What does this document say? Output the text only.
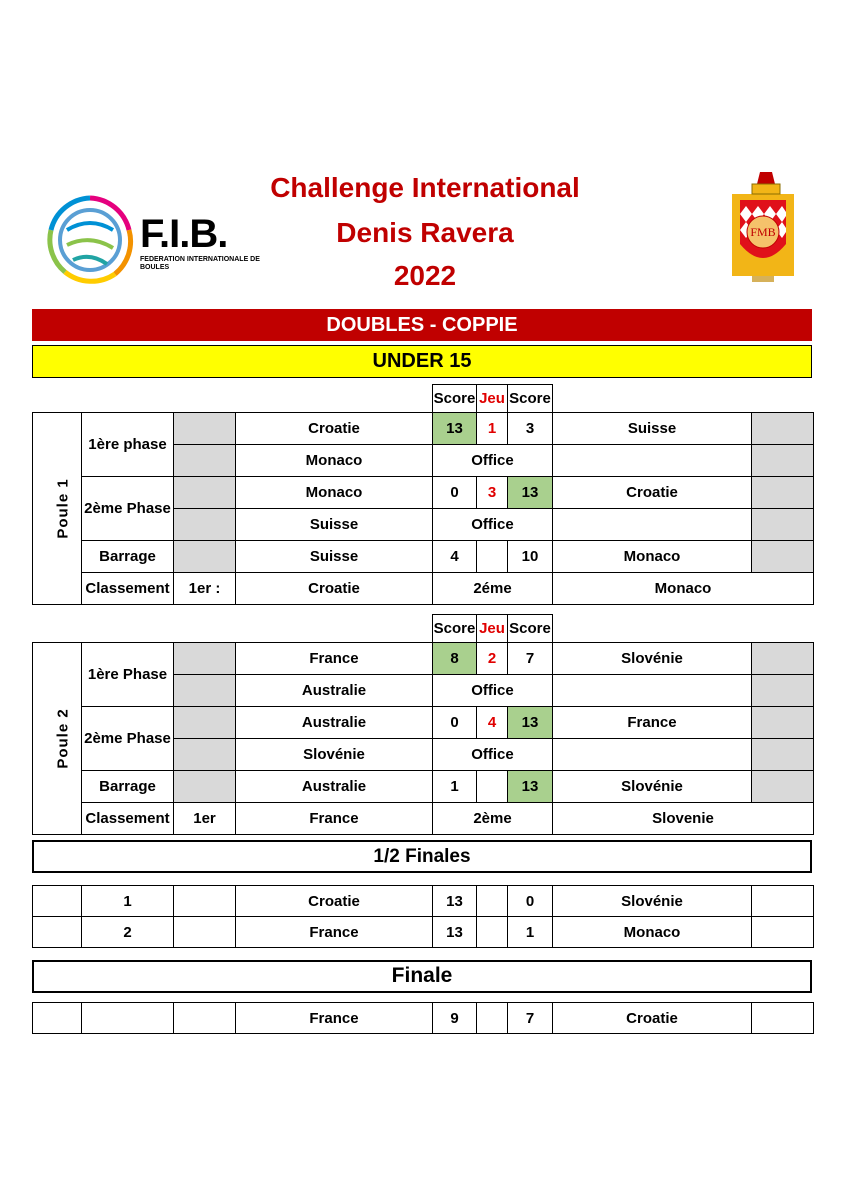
F.I.B.
FEDERATION INTERNATIONALE DE BOULES
Challenge International
Denis Ravera
2022
FMB
DOUBLES - COPPIE
UNDER 15
				Score	Jeu	Score		
Poule 1	1ère phase		Croatie	13	1	3	Suisse	
			Monaco	Office				
	2ème Phase		Monaco	0	3	13	Croatie	
			Suisse	Office				
	Barrage		Suisse	4		10	Monaco	
	Classement	1er :	Croatie	2éme			Monaco	
				Score	Jeu	Score		
Poule 2	1ère Phase		France	8	2	7	Slovénie	
			Australie	Office				
	2ème Phase		Australie	0	4	13	France	
			Slovénie	Office				
	Barrage		Australie	1		13	Slovénie	
	Classement	1er	France	2ème			Slovenie	
1/2 Finales
	1		Croatie	13		0	Slovénie	
	2		France	13		1	Monaco	
Finale
			France	9		7	Croatie	
